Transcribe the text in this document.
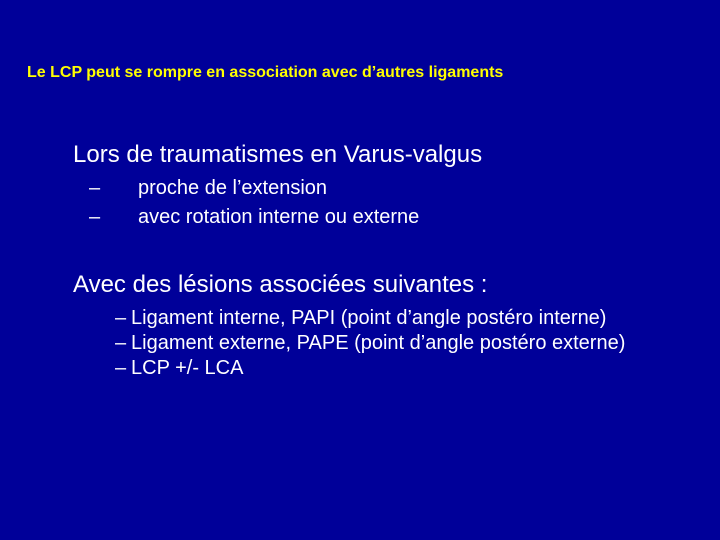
Le LCP peut se rompre en association avec d’autres ligaments
Lors de traumatismes en Varus-valgus
– proche de l’extension
– avec rotation interne ou externe
Avec des lésions associées suivantes :
– Ligament interne, PAPI (point d’angle postéro interne)
– Ligament externe, PAPE (point d’angle postéro externe)
– LCP +/- LCA
